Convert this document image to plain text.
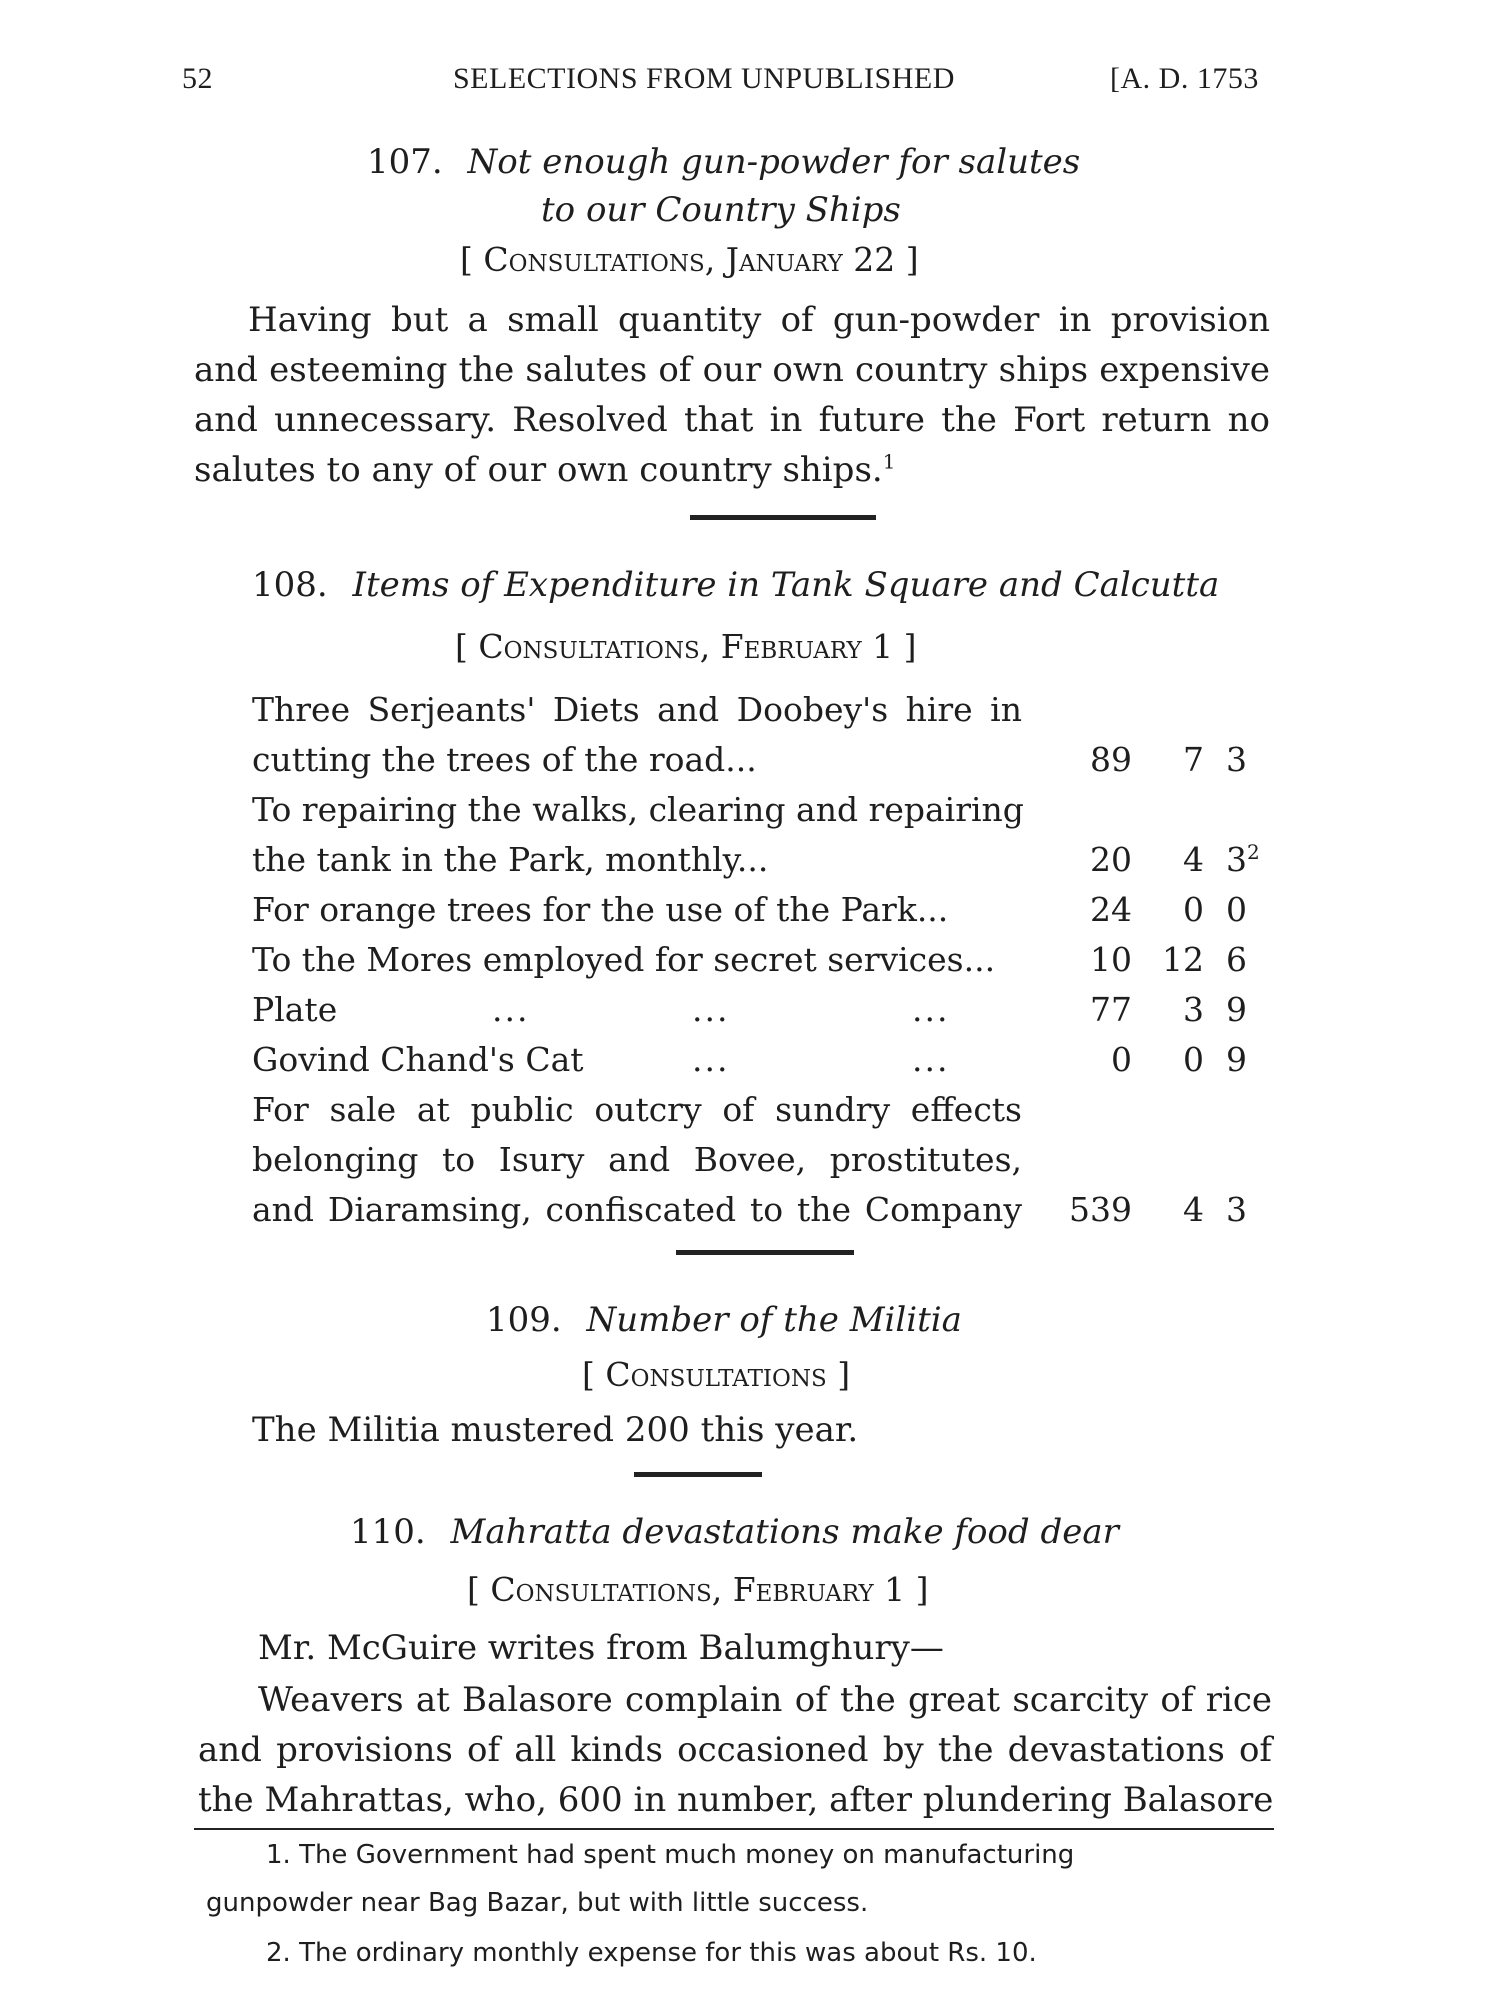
52	SELECTIONS FROM UNPUBLISHED	[A. D. 1753
107. Not enough gun-powder for salutes
to our Country Ships
[ Consultations, January 22 ]
Having but a small quantity of gun-powder in provision
and esteeming the salutes of our own country ships expensive
and unnecessary. Resolved that in future the Fort return no
salutes to any of our own country ships.$^1$
108. Items of Expenditure in Tank Square and Calcutta
[ Consultations, February 1 ]
Three Serjeants' Diets and Doobey's hire in
cutting the trees of the road...	89	7 3
To repairing the walks, clearing and repairing
the tank in the Park, monthly...	20	4 $3^2$
For orange trees for the use of the Park...	24	0 0
To the Mores employed for secret services...	10 12 6
Plate	...	...	...	77	3 9
Govind Chand's Cat	...	...	0	0 9
For sale at public outcry of sundry effects
belonging to Isury and Bovee, prostitutes,
and Diaramsing, confiscated to the Company	539	4 3
109. Number of the Militia
[ Consultations ]
The Militia mustered 200 this year.
110. Mahratta devastations make food dear
[ Consultations, February 1 ]
Mr. McGuire writes from Balumghury—
Weavers at Balasore complain of the great scarcity of rice
and provisions of all kinds occasioned by the devastations of
the Mahrattas, who, 600 in number, after plundering Balasore
1. The Government had spent much money on manufacturing
gunpowder near Bag Bazar, but with little success.
2. The ordinary monthly expense for this was about Rs. 10.
